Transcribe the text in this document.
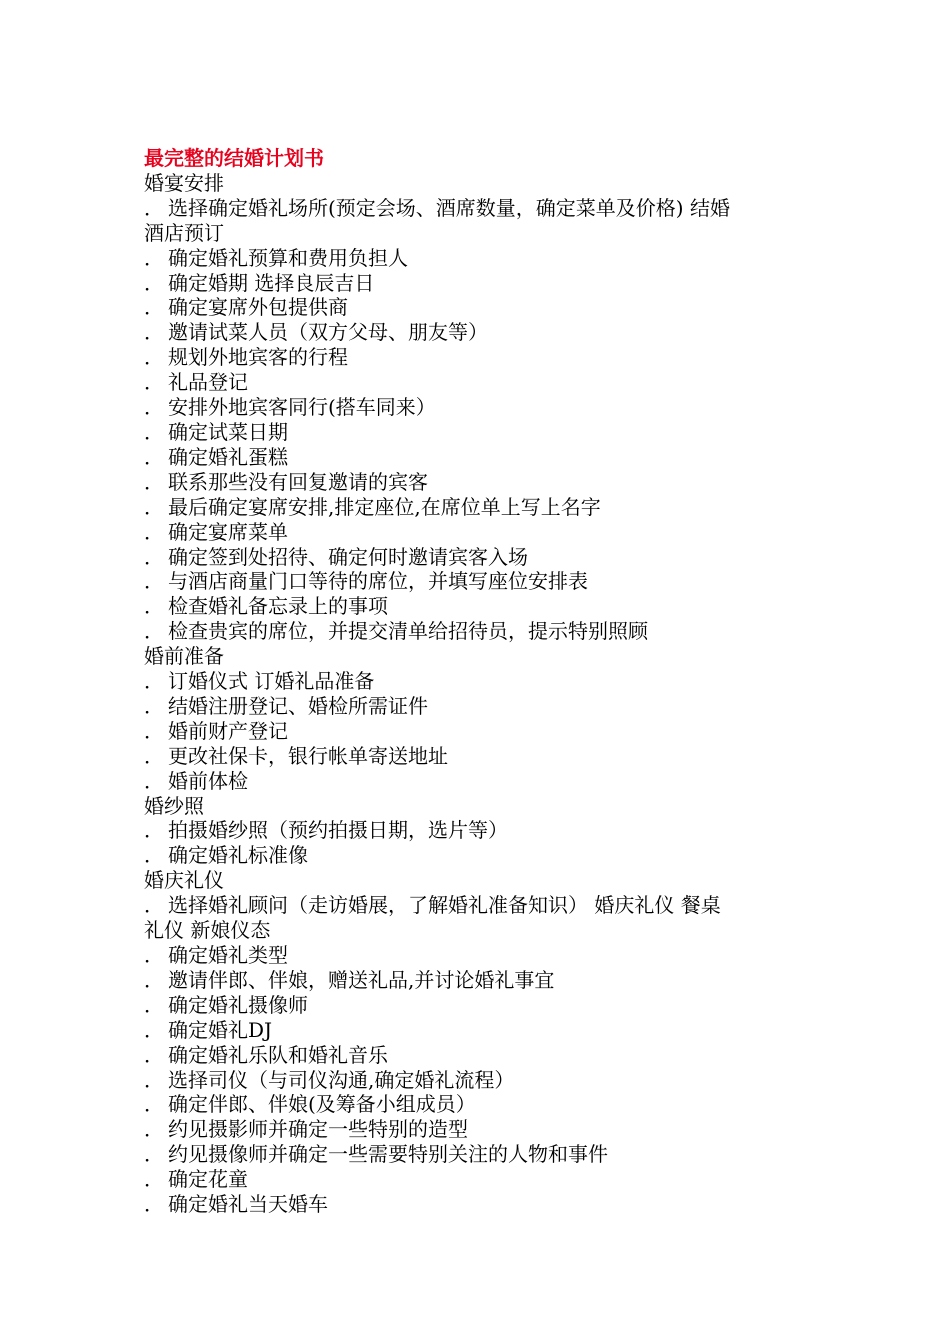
最完整的结婚计划书
婚宴安排
． 选择确定婚礼场所(预定会场、酒席数量，确定菜单及价格) 结婚
酒店预订
． 确定婚礼预算和费用负担人
． 确定婚期 选择良辰吉日
． 确定宴席外包提供商
． 邀请试菜人员（双方父母、朋友等）
． 规划外地宾客的行程
． 礼品登记
． 安排外地宾客同行(搭车同来）
． 确定试菜日期
． 确定婚礼蛋糕
． 联系那些没有回复邀请的宾客
． 最后确定宴席安排,排定座位,在席位单上写上名字
． 确定宴席菜单
． 确定签到处招待、确定何时邀请宾客入场
． 与酒店商量门口等待的席位，并填写座位安排表
． 检查婚礼备忘录上的事项
． 检查贵宾的席位，并提交清单给招待员，提示特别照顾
婚前准备
． 订婚仪式 订婚礼品准备
． 结婚注册登记、婚检所需证件
． 婚前财产登记
． 更改社保卡，银行帐单寄送地址
． 婚前体检
婚纱照
． 拍摄婚纱照（预约拍摄日期，选片等）
． 确定婚礼标准像
婚庆礼仪
． 选择婚礼顾问（走访婚展，了解婚礼准备知识） 婚庆礼仪 餐桌
礼仪 新娘仪态
． 确定婚礼类型
． 邀请伴郎、伴娘，赠送礼品,并讨论婚礼事宜
． 确定婚礼摄像师
． 确定婚礼DJ
． 确定婚礼乐队和婚礼音乐
． 选择司仪（与司仪沟通,确定婚礼流程）
． 确定伴郎、伴娘(及筹备小组成员）
． 约见摄影师并确定一些特别的造型
． 约见摄像师并确定一些需要特别关注的人物和事件
． 确定花童
． 确定婚礼当天婚车
